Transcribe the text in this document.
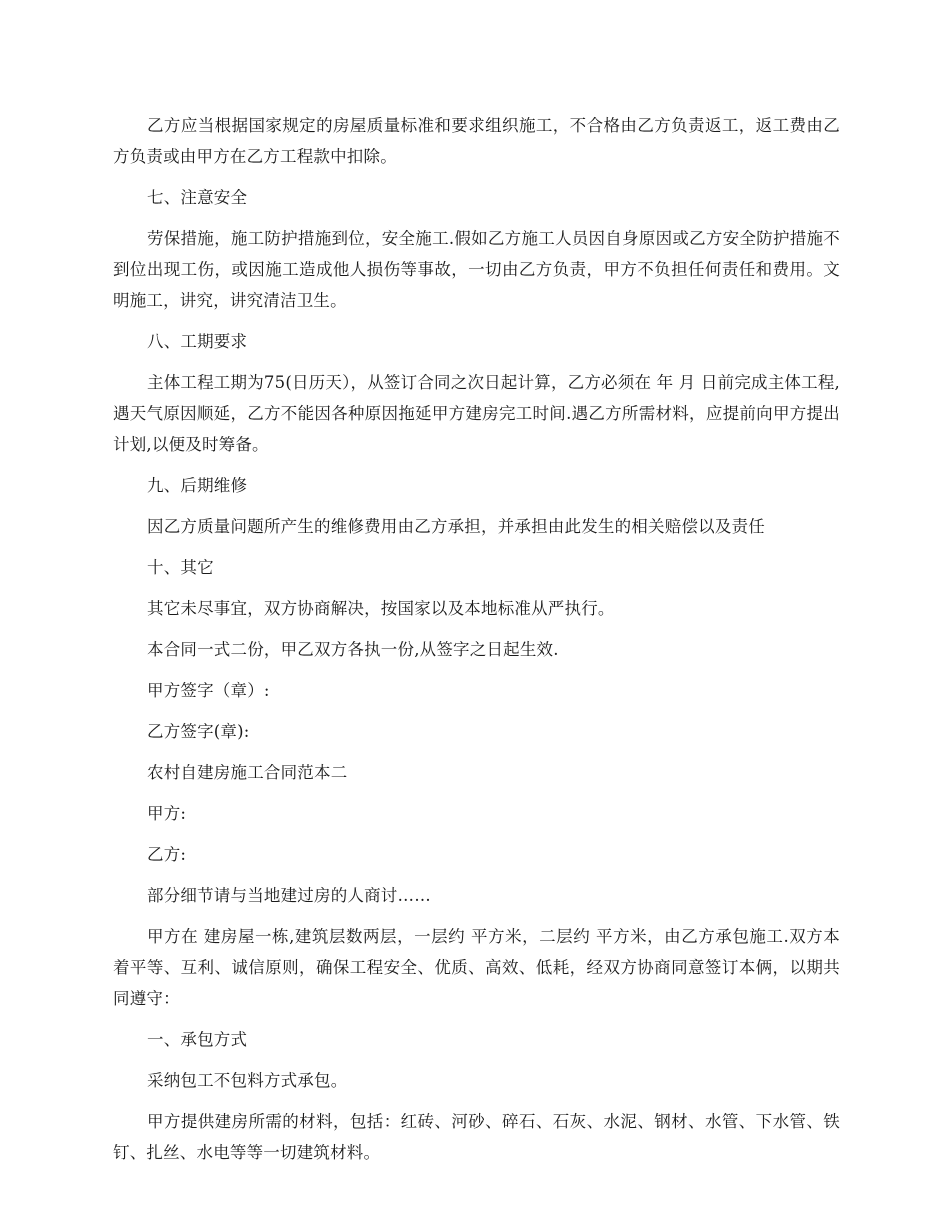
乙方应当根据国家规定的房屋质量标准和要求组织施工，不合格由乙方负责返工，返工费由乙方负责或由甲方在乙方工程款中扣除。

七、注意安全

劳保措施，施工防护措施到位，安全施工.假如乙方施工人员因自身原因或乙方安全防护措施不到位出现工伤，或因施工造成他人损伤等事故，一切由乙方负责，甲方不负担任何责任和费用。文明施工，讲究，讲究清洁卫生。

八、工期要求

主体工程工期为75(日历天），从签订合同之次日起计算，乙方必须在 年 月 日前完成主体工程,遇天气原因顺延，乙方不能因各种原因拖延甲方建房完工时间.遇乙方所需材料，应提前向甲方提出计划,以便及时筹备。

九、后期维修

因乙方质量问题所产生的维修费用由乙方承担，并承担由此发生的相关赔偿以及责任

十、其它

其它未尽事宜，双方协商解决，按国家以及本地标准从严执行。

本合同一式二份，甲乙双方各执一份,从签字之日起生效.

甲方签字（章）:

乙方签字(章):

农村自建房施工合同范本二

甲方:

乙方:

部分细节请与当地建过房的人商讨……

甲方在 建房屋一栋,建筑层数两层，一层约 平方米，二层约 平方米，由乙方承包施工.双方本着平等、互利、诚信原则，确保工程安全、优质、高效、低耗，经双方协商同意签订本俩，以期共同遵守：

一、承包方式

采纳包工不包料方式承包。

甲方提供建房所需的材料，包括：红砖、河砂、碎石、石灰、水泥、钢材、水管、下水管、铁钉、扎丝、水电等等一切建筑材料。
